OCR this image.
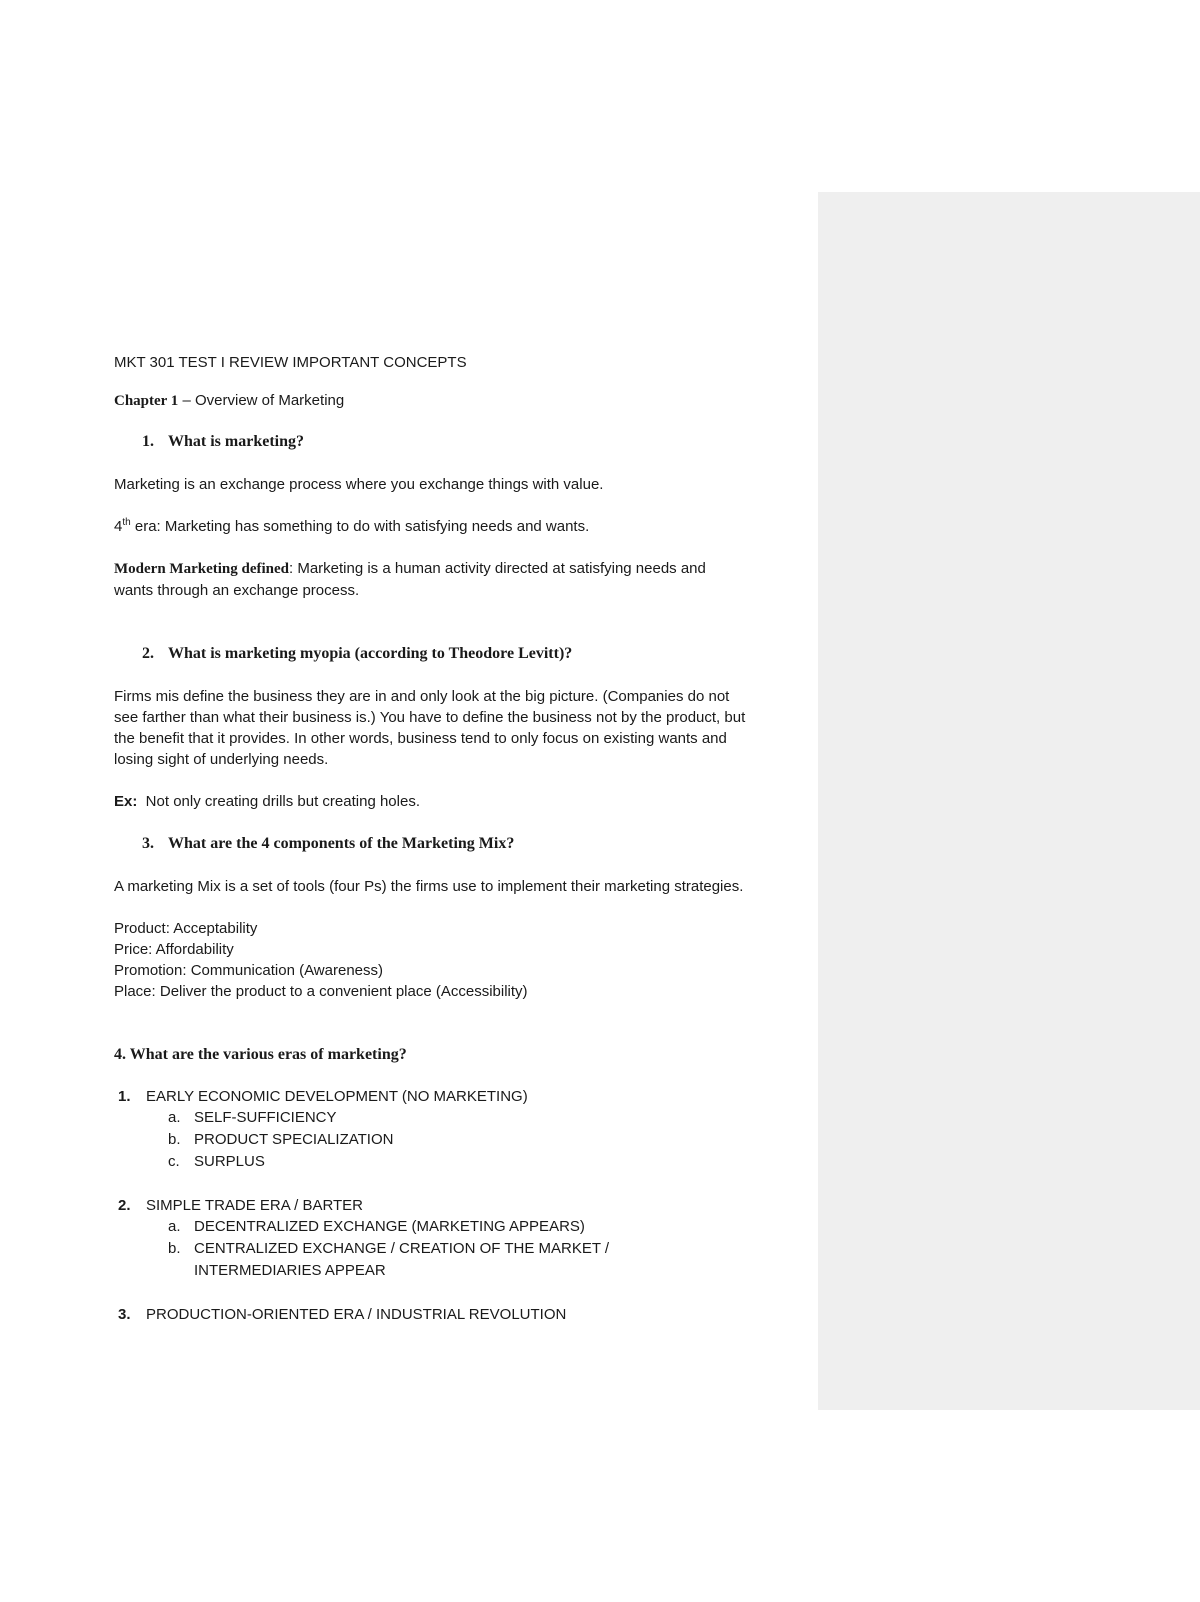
MKT 301 TEST I REVIEW IMPORTANT CONCEPTS

Chapter 1 – Overview of Marketing

1. What is marketing?

Marketing is an exchange process where you exchange things with value.

4th era: Marketing has something to do with satisfying needs and wants.

Modern Marketing defined: Marketing is a human activity directed at satisfying needs and

wants through an exchange process.

2. What is marketing myopia (according to Theodore Levitt)?

Firms mis define the business they are in and only look at the big picture. (Companies do not

see farther than what their business is.) You have to define the business not by the product, but

the benefit that it provides. In other words, business tend to only focus on existing wants and

losing sight of underlying needs.

Ex:  Not only creating drills but creating holes.

3. What are the 4 components of the Marketing Mix?

A marketing Mix is a set of tools (four Ps) the firms use to implement their marketing strategies.

Product: Acceptability

Price: Affordability

Promotion: Communication (Awareness)

Place: Deliver the product to a convenient place (Accessibility)

4. What are the various eras of marketing?

1. EARLY ECONOMIC DEVELOPMENT (NO MARKETING)

a. SELF-SUFFICIENCY

b. PRODUCT SPECIALIZATION

c. SURPLUS

2. SIMPLE TRADE ERA / BARTER

a. DECENTRALIZED EXCHANGE (MARKETING APPEARS)

b. CENTRALIZED EXCHANGE / CREATION OF THE MARKET /

INTERMEDIARIES APPEAR

3. PRODUCTION-ORIENTED ERA / INDUSTRIAL REVOLUTION
